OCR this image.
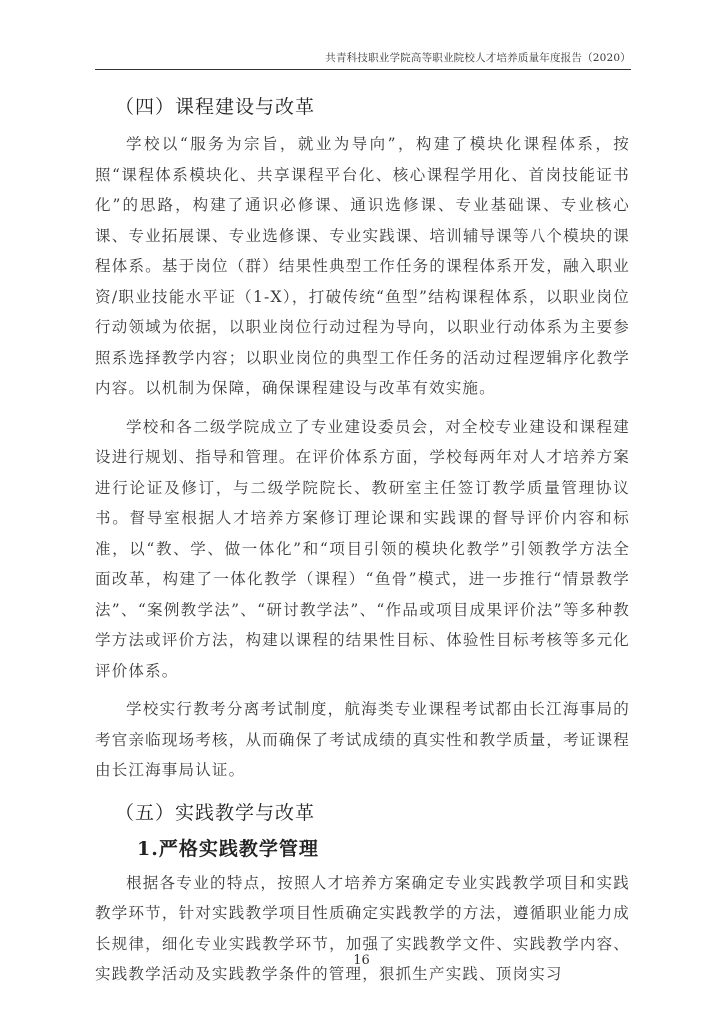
共青科技职业学院高等职业院校人才培养质量年度报告（2020）
（四）课程建设与改革

学校以“服务为宗旨，就业为导向”，构建了模块化课程体系，按照“课程体系模块化、共享课程平台化、核心课程学用化、首岗技能证书化”的思路，构建了通识必修课、通识选修课、专业基础课、专业核心课、专业拓展课、专业选修课、专业实践课、培训辅导课等八个模块的课程体系。基于岗位（群）结果性典型工作任务的课程体系开发，融入职业资/职业技能水平证（1-X），打破传统“鱼型”结构课程体系，以职业岗位行动领域为依据，以职业岗位行动过程为导向，以职业行动体系为主要参照系选择教学内容；以职业岗位的典型工作任务的活动过程逻辑序化教学内容。以机制为保障，确保课程建设与改革有效实施。

学校和各二级学院成立了专业建设委员会，对全校专业建设和课程建设进行规划、指导和管理。在评价体系方面，学校每两年对人才培养方案进行论证及修订，与二级学院院长、教研室主任签订教学质量管理协议书。督导室根据人才培养方案修订理论课和实践课的督导评价内容和标准，以“教、学、做一体化”和“项目引领的模块化教学”引领教学方法全面改革，构建了一体化教学（课程）“鱼骨”模式，进一步推行“情景教学法”、“案例教学法”、“研讨教学法”、“作品或项目成果评价法”等多种教学方法或评价方法，构建以课程的结果性目标、体验性目标考核等多元化评价体系。

学校实行教考分离考试制度，航海类专业课程考试都由长江海事局的考官亲临现场考核，从而确保了考试成绩的真实性和教学质量，考证课程由长江海事局认证。

（五）实践教学与改革
1.严格实践教学管理

根据各专业的特点，按照人才培养方案确定专业实践教学项目和实践教学环节，针对实践教学项目性质确定实践教学的方法，遵循职业能力成长规律，细化专业实践教学环节，加强了实践教学文件、实践教学内容、实践教学活动及实践教学条件的管理，狠抓生产实践、顶岗实习

16
